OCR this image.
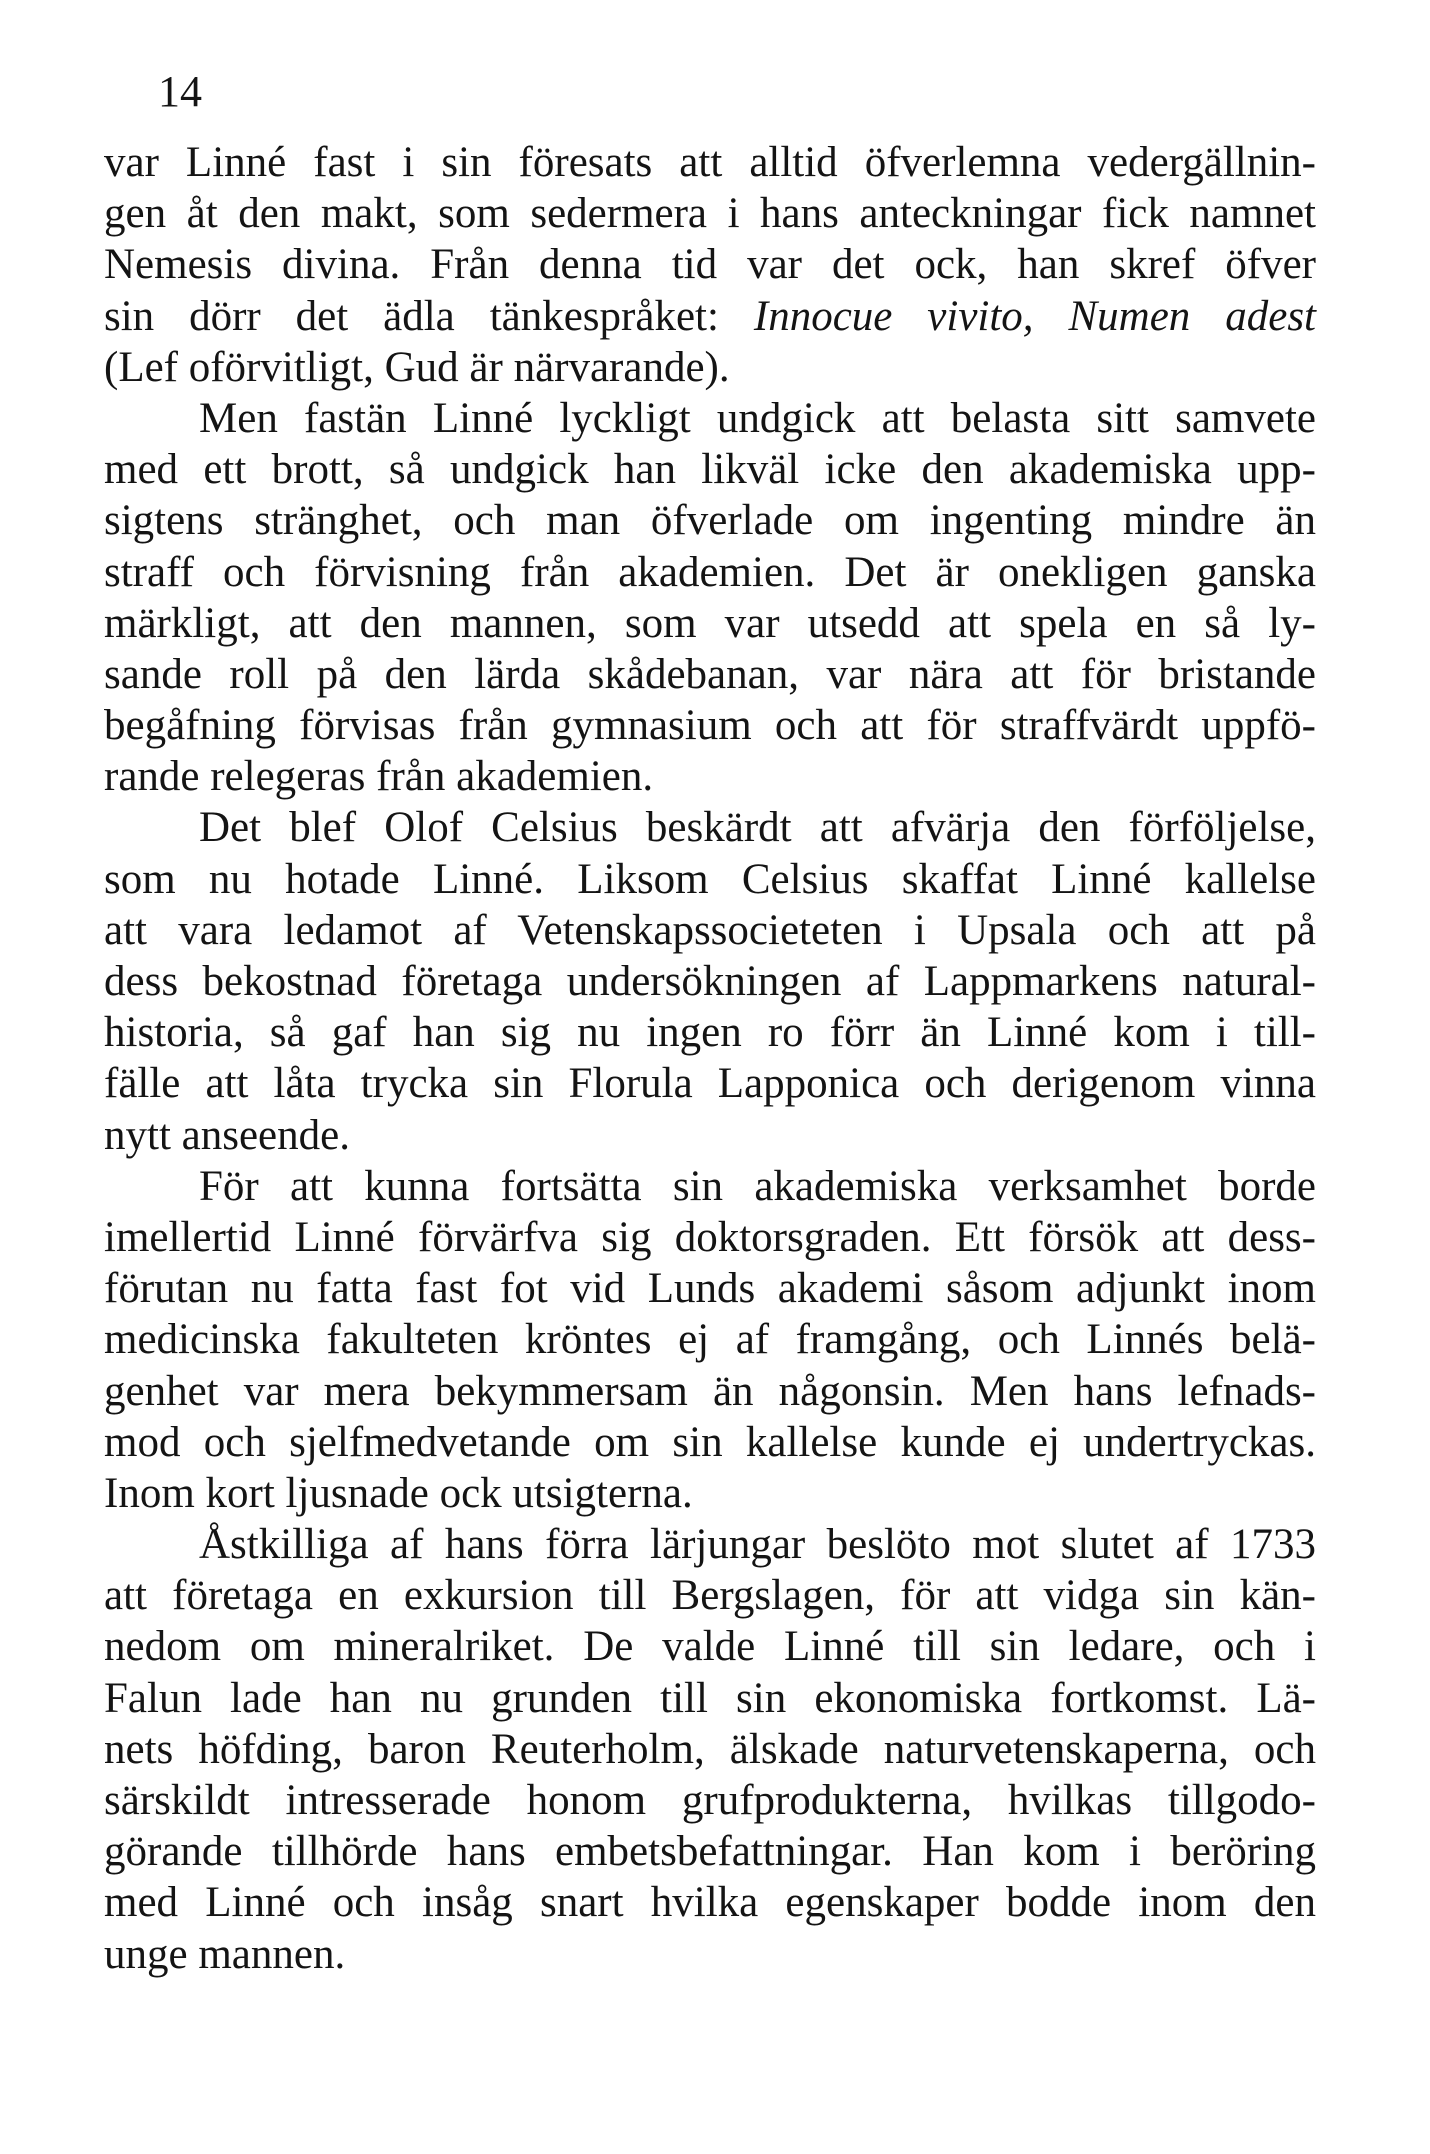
14
var Linné fast i sin föresats att alltid öfverlemna vedergällnin-
gen åt den makt, som sedermera i hans anteckningar fick namnet
Nemesis divina. Från denna tid var det ock, han skref öfver
sin dörr det ädla tänkespråket: Innocue vivito, Numen adest
(Lef oförvitligt, Gud är närvarande).
Men fastän Linné lyckligt undgick att belasta sitt samvete
med ett brott, så undgick han likväl icke den akademiska upp-
sigtens stränghet, och man öfverlade om ingenting mindre än
straff och förvisning från akademien. Det är onekligen ganska
märkligt, att den mannen, som var utsedd att spela en så ly-
sande roll på den lärda skådebanan, var nära att för bristande
begåfning förvisas från gymnasium och att för straffvärdt uppfö-
rande relegeras från akademien.
Det blef Olof Celsius beskärdt att afvärja den förföljelse,
som nu hotade Linné. Liksom Celsius skaffat Linné kallelse
att vara ledamot af Vetenskapssocieteten i Upsala och att på
dess bekostnad företaga undersökningen af Lappmarkens natural-
historia, så gaf han sig nu ingen ro förr än Linné kom i till-
fälle att låta trycka sin Florula Lapponica och derigenom vinna
nytt anseende.
För att kunna fortsätta sin akademiska verksamhet borde
imellertid Linné förvärfva sig doktorsgraden. Ett försök att dess-
förutan nu fatta fast fot vid Lunds akademi såsom adjunkt inom
medicinska fakulteten kröntes ej af framgång, och Linnés belä-
genhet var mera bekymmersam än någonsin. Men hans lefnads-
mod och sjelfmedvetande om sin kallelse kunde ej undertryckas.
Inom kort ljusnade ock utsigterna.
Åstkilliga af hans förra lärjungar beslöto mot slutet af 1733
att företaga en exkursion till Bergslagen, för att vidga sin kän-
nedom om mineralriket. De valde Linné till sin ledare, och i
Falun lade han nu grunden till sin ekonomiska fortkomst. Lä-
nets höfding, baron Reuterholm, älskade naturvetenskaperna, och
särskildt intresserade honom grufprodukterna, hvilkas tillgodo-
görande tillhörde hans embetsbefattningar. Han kom i beröring
med Linné och insåg snart hvilka egenskaper bodde inom den
unge mannen.
